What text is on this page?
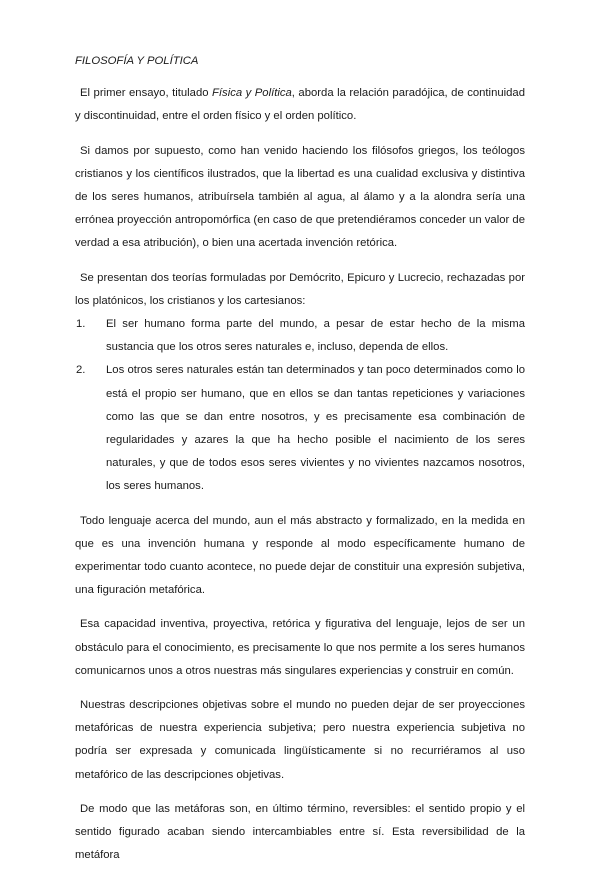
FILOSOFÍA Y POLÍTICA

El primer ensayo, titulado Física y Política, aborda la relación paradójica, de continuidad y discontinuidad, entre el orden físico y el orden político.

Si damos por supuesto, como han venido haciendo los filósofos griegos, los teólogos cristianos y los científicos ilustrados, que la libertad es una cualidad exclusiva y distintiva de los seres humanos, atribuírsela también al agua, al álamo y a la alondra sería una errónea proyección antropomórfica (en caso de que pretendiéramos conceder un valor de verdad a esa atribución), o bien una acertada invención retórica.

Se presentan dos teorías formuladas por Demócrito, Epicuro y Lucrecio, rechazadas por los platónicos, los cristianos y los cartesianos:

1. El ser humano forma parte del mundo, a pesar de estar hecho de la misma sustancia que los otros seres naturales e, incluso, dependa de ellos.
2. Los otros seres naturales están tan determinados y tan poco determinados como lo está el propio ser humano, que en ellos se dan tantas repeticiones y variaciones como las que se dan entre nosotros, y es precisamente esa combinación de regularidades y azares la que ha hecho posible el nacimiento de los seres naturales, y que de todos esos seres vivientes y no vivientes nazcamos nosotros, los seres humanos.

Todo lenguaje acerca del mundo, aun el más abstracto y formalizado, en la medida en que es una invención humana y responde al modo específicamente humano de experimentar todo cuanto acontece, no puede dejar de constituir una expresión subjetiva, una figuración metafórica.

Esa capacidad inventiva, proyectiva, retórica y figurativa del lenguaje, lejos de ser un obstáculo para el conocimiento, es precisamente lo que nos permite a los seres humanos comunicarnos unos a otros nuestras más singulares experiencias y construir en común.

Nuestras descripciones objetivas sobre el mundo no pueden dejar de ser proyecciones metafóricas de nuestra experiencia subjetiva; pero nuestra experiencia subjetiva no podría ser expresada y comunicada lingüísticamente si no recurriéramos al uso metafórico de las descripciones objetivas.

De modo que las metáforas son, en último término, reversibles: el sentido propio y el sentido figurado acaban siendo intercambiables entre sí. Esta reversibilidad de la metáfora
